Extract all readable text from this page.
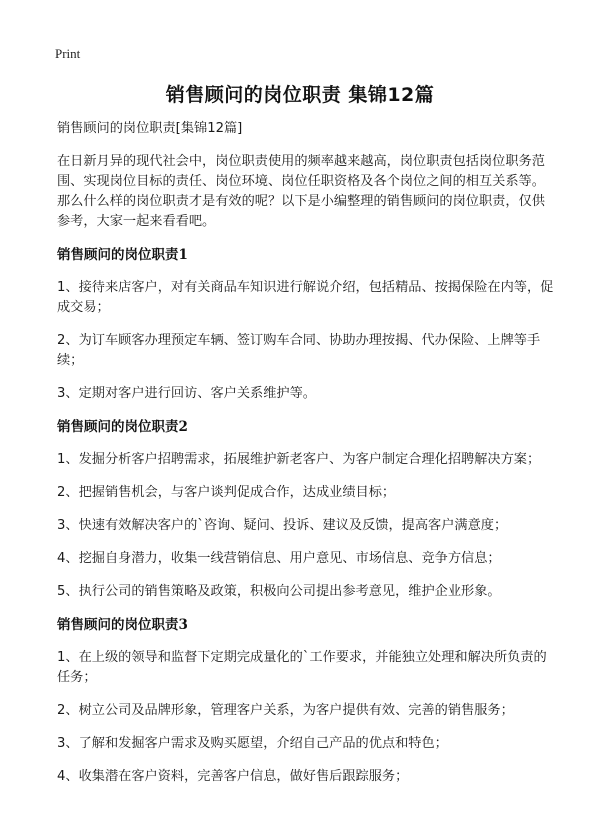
Print
销售顾问的岗位职责 集锦12篇

销售顾问的岗位职责[集锦12篇]

在日新月异的现代社会中，岗位职责使用的频率越来越高，岗位职责包括岗位职务范围、实现岗位目标的责任、岗位环境、岗位任职资格及各个岗位之间的相互关系等。那么什么样的岗位职责才是有效的呢？以下是小编整理的销售顾问的岗位职责，仅供参考，大家一起来看看吧。

销售顾问的岗位职责1

1、接待来店客户，对有关商品车知识进行解说介绍，包括精品、按揭保险在内等，促成交易；

2、为订车顾客办理预定车辆、签订购车合同、协助办理按揭、代办保险、上牌等手续；

3、定期对客户进行回访、客户关系维护等。

销售顾问的岗位职责2

1、发掘分析客户招聘需求，拓展维护新老客户、为客户制定合理化招聘解决方案；

2、把握销售机会，与客户谈判促成合作，达成业绩目标；

3、快速有效解决客户的`咨询、疑问、投诉、建议及反馈，提高客户满意度；

4、挖掘自身潜力，收集一线营销信息、用户意见、市场信息、竞争方信息；

5、执行公司的销售策略及政策，积极向公司提出参考意见，维护企业形象。

销售顾问的岗位职责3

1、在上级的领导和监督下定期完成量化的`工作要求，并能独立处理和解决所负责的任务；

2、树立公司及品牌形象，管理客户关系，为客户提供有效、完善的销售服务；

3、了解和发掘客户需求及购买愿望，介绍自己产品的优点和特色；

4、收集潜在客户资料，完善客户信息，做好售后跟踪服务；
